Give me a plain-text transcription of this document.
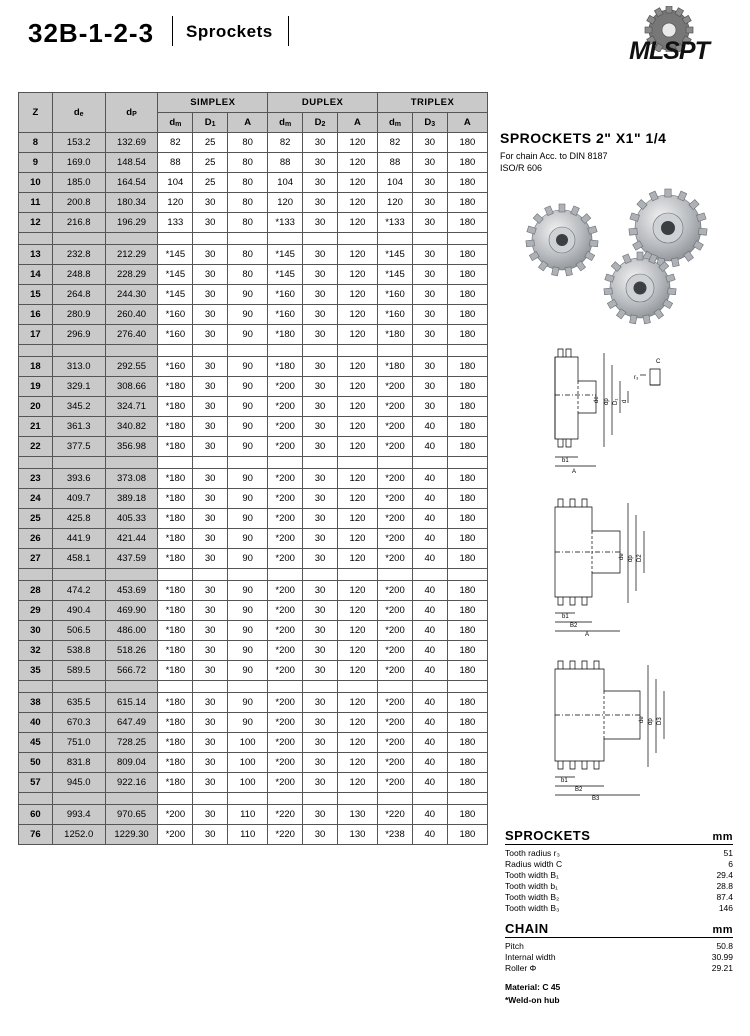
32B-1-2-3 Sprockets
MLSPT
Z	de	dP	SIMPLEX			DUPLEX			TRIPLEX		
			dm	D1	A	dm	D2	A	dm	D3	A
8	153.2	132.69	82	25	80	82	30	120	82	30	180
9	169.0	148.54	88	25	80	88	30	120	88	30	180
10	185.0	164.54	104	25	80	104	30	120	104	30	180
11	200.8	180.34	120	30	80	120	30	120	120	30	180
12	216.8	196.29	133	30	80	*133	30	120	*133	30	180

13	232.8	212.29	*145	30	80	*145	30	120	*145	30	180
14	248.8	228.29	*145	30	80	*145	30	120	*145	30	180
15	264.8	244.30	*145	30	90	*160	30	120	*160	30	180
16	280.9	260.40	*160	30	90	*160	30	120	*160	30	180
17	296.9	276.40	*160	30	90	*180	30	120	*180	30	180

18	313.0	292.55	*160	30	90	*180	30	120	*180	30	180
19	329.1	308.66	*180	30	90	*200	30	120	*200	30	180
20	345.2	324.71	*180	30	90	*200	30	120	*200	30	180
21	361.3	340.82	*180	30	90	*200	30	120	*200	40	180
22	377.5	356.98	*180	30	90	*200	30	120	*200	40	180

23	393.6	373.08	*180	30	90	*200	30	120	*200	40	180
24	409.7	389.18	*180	30	90	*200	30	120	*200	40	180
25	425.8	405.33	*180	30	90	*200	30	120	*200	40	180
26	441.9	421.44	*180	30	90	*200	30	120	*200	40	180
27	458.1	437.59	*180	30	90	*200	30	120	*200	40	180

28	474.2	453.69	*180	30	90	*200	30	120	*200	40	180
29	490.4	469.90	*180	30	90	*200	30	120	*200	40	180
30	506.5	486.00	*180	30	90	*200	30	120	*200	40	180
32	538.8	518.26	*180	30	90	*200	30	120	*200	40	180
35	589.5	566.72	*180	30	90	*200	30	120	*200	40	180

38	635.5	615.14	*180	30	90	*200	30	120	*200	40	180
40	670.3	647.49	*180	30	90	*200	30	120	*200	40	180
45	751.0	728.25	*180	30	100	*200	30	120	*200	40	180
50	831.8	809.04	*180	30	100	*200	30	120	*200	40	180
57	945.0	922.16	*180	30	100	*200	30	120	*200	40	180

60	993.4	970.65	*200	30	110	*220	30	130	*220	40	180
76	1252.0	1229.30	*200	30	110	*220	30	130	*238	40	180
SPROCKETS 2" X1" 1/4
For chain Acc. to DIN 8187
ISO/R 606
de dp D₁ d
b1
A
C
r₃
de dp D2
b1
B2
A
de dp D3
b1
B2
B3
SPROCKETS	mm
Tooth radius r₃	51
Radius width C	6
Tooth width B₁	29.4
Tooth width b₁	28.8
Tooth width B₂	87.4
Tooth width B₃	146
CHAIN	mm
Pitch	50.8
Internal width	30.99
Roller Φ	29.21
Material: C 45
*Weld-on hub
